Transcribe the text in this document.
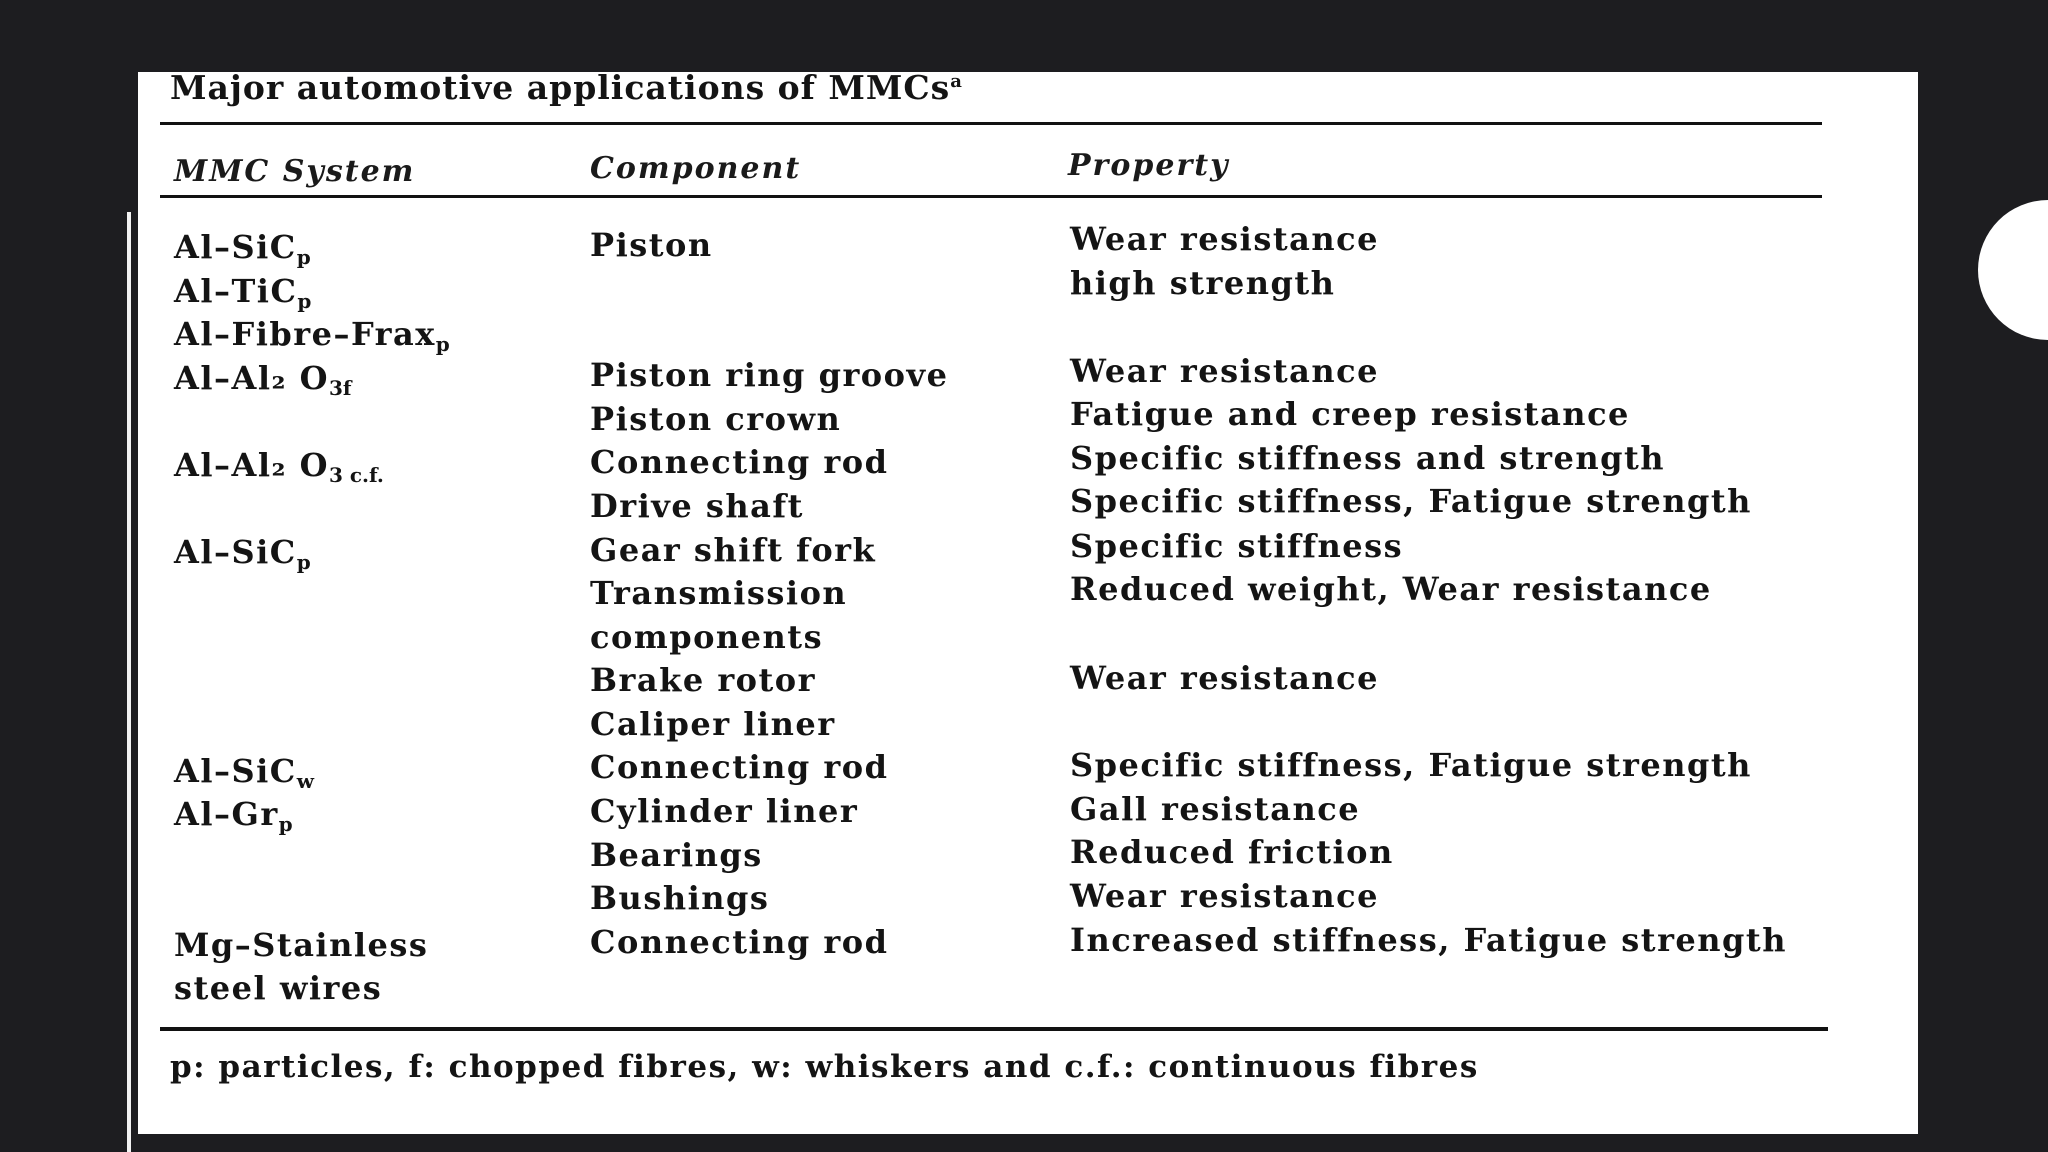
Major automotive applications of MMCs$^a$
MMC System	Component	Property
Al–SiC$_p$
Al–TiC$_p$
Al–Fibre–Frax$_p$
Al–Al₂ $O_{3f}$
Al–Al₂ $O_{3 c.f.}$
Al–SiC$_p$
Al–SiC$_w$
$Al-Gr_p$
Mg–Stainless
steel wires
Piston
Piston ring groove
Piston crown
Connecting rod
Drive shaft
Gear shift fork
Transmission
components
Brake rotor
Caliper liner
Connecting rod
Cylinder liner
Bearings
Bushings
Connecting rod
Wear resistance
high strength
Wear resistance
Fatigue and creep resistance
Specific stiffness and strength
Specific stiffness, Fatigue strength
Specific stiffness
Reduced weight, Wear resistance
Wear resistance
Specific stiffness, Fatigue strength
Gall resistance
Reduced friction
Wear resistance
Increased stiffness, Fatigue strength
p: particles, f: chopped fibres, w: whiskers and c.f.: continuous fibres
